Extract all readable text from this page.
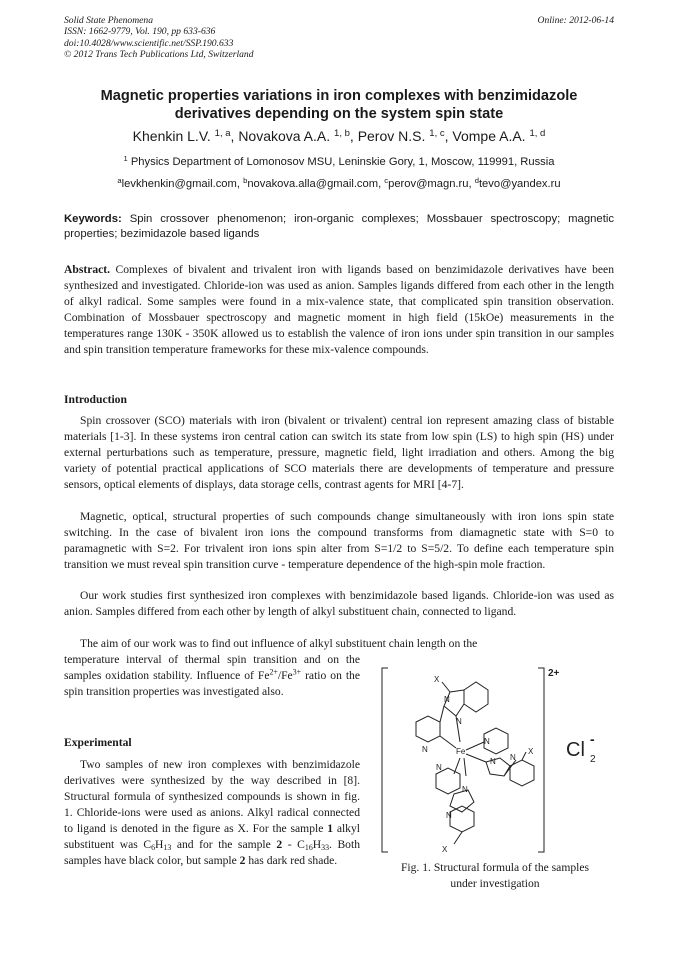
Solid State Phenomena
ISSN: 1662-9779, Vol. 190, pp 633-636
doi:10.4028/www.scientific.net/SSP.190.633
© 2012 Trans Tech Publications Ltd, Switzerland
Online: 2012-06-14
Magnetic properties variations in iron complexes with benzimidazole
derivatives depending on the system spin state
Khenkin L.V. $^{1, a}$, Novakova A.A. $^{1, b}$, Perov N.S. $^{1, c}$, Vompe A.A. $^{1, d}$
$^1$ Physics Department of Lomonosov MSU, Leninskie Gory, 1, Moscow, 119991, Russia
$^a$levkhenkin@gmail.com, $^b$novakova.alla@gmail.com, $^c$perov@magn.ru, $^d$tevo@yandex.ru
Keywords: Spin crossover phenomenon; iron-organic complexes; Mossbauer spectroscopy; magnetic properties; bezimidazole based ligands
Abstract. Complexes of bivalent and trivalent iron with ligands based on benzimidazole derivatives have been synthesized and investigated. Chloride-ion was used as anion. Samples ligands differed from each other in the length of alkyl radical. Some samples were found in a mix-valence state, that complicated spin transition observation. Combination of Mossbauer spectroscopy and magnetic moment in high field (15kOe) measurements in the temperatures range 130K - 350K allowed us to establish the valence of iron ions under spin transition in our samples and spin transition temperature frameworks for these mix-valence compounds.
Introduction

Spin crossover (SCO) materials with iron (bivalent or trivalent) central ion represent amazing class of bistable materials [1-3]. In these systems iron central cation can switch its state from low spin (LS) to high spin (HS) under external perturbations such as temperature, pressure, magnetic field, light irradiation and others. Among the big variety of potential practical applications of SCO materials there are developments of temperature and pressure sensors, optical elements of displays, data storage cells, contrast agents for MRI [4-7].

Magnetic, optical, structural properties of such compounds change simultaneously with iron ions spin state switching. In the case of bivalent iron ions the compound transforms from diamagnetic state with S=0 to paramagnetic with S=2. For trivalent iron ions spin alter from S=1/2 to S=5/2. To define each temperature spin transition we must reveal spin transition curve - temperature dependence of the high-spin mole fraction.

Our work studies first synthesized iron complexes with benzimidazole based ligands. Chloride-ion was used as anion. Samples differed from each other by length of alkyl substituent chain, connected to ligand.

The aim of our work was to find out influence of alkyl substituent chain length on the

temperature interval of thermal spin transition and on the samples oxidation stability. Influence of $Fe^{2+}/Fe^{3+}$ ratio on the spin transition properties was investigated also.

Experimental

Two samples of new iron complexes with benzimidazole derivatives were synthesized by the way described in [8]. Structural formula of synthesized compounds is shown in fig. 1. Chloride-ions were used as anions. Alkyl radical connected to ligand is denoted in the figure as X. For the sample 1 alkyl substituent was $C_6H_{13}$ and for the sample $2 - C_{16}H_{33}$. Both samples have black color, but sample 2 has dark red shade.

X
N
N
N	Fe
N
N N
X
N
N
N
X
2+
Cl -
2
Fig. 1. Structural formula of the samples
under investigation
